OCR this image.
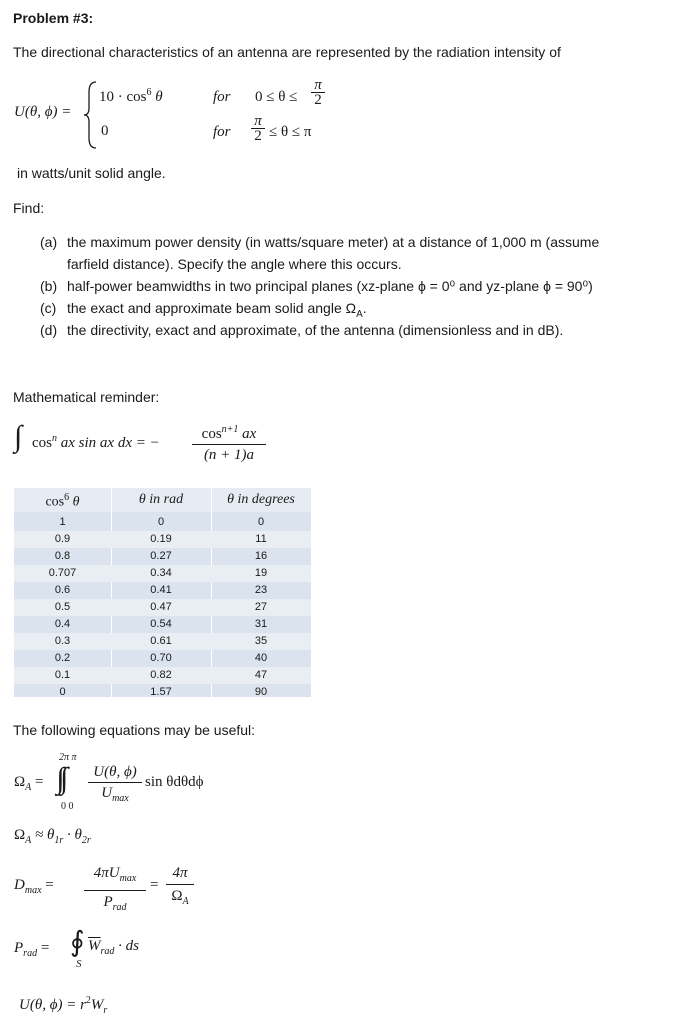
Problem #3:
The directional characteristics of an antenna are represented by the radiation intensity of
U(θ, ϕ) =
$10 \cdot \cos^6 \theta$
0
for $0 \le \theta \le \frac{\pi}{2}$
for $\frac{\pi}{2} \le \theta \le \pi$
in watts/unit solid angle.
Find:
(a) the maximum power density (in watts/square meter) at a distance of 1,000 m (assume
farfield distance). Specify the angle where this occurs.
(b) half-power beamwidths in two principal planes (xz-plane ϕ = 0⁰ and yz-plane ϕ = 90⁰)
(c) the exact and approximate beam solid angle $\Omega_A$.
(d) the directivity, exact and approximate, of the antenna (dimensionless and in dB).
Mathematical reminder:
∫ $\cos^n$ ax sin ax dx = − $\frac{\cos^{n+1} ax}{(n + 1)a}$
$\cos^6 \theta$	θ in rad	θ in degrees
1	0	0
0.9	0.19	11
0.8	0.27	16
0.707	0.34	19
0.6	0.41	23
0.5	0.47	27
0.4	0.54	31
0.3	0.61	35
0.2	0.70	40
0.1	0.82	47
0	1.57	90
The following equations may be useful:
$\Omega_A$ =
2π π
0 0
U(θ, ϕ)
$U_{max}$
sin θdθdϕ
$\Omega_A \approx \theta_{1r} \cdot \theta_{2r}$
$D_{max}$ =
$4\pi U_{max}$
$P_{rad}$
= $\frac{4\pi}{\Omega_A}$
$P_{rad}$ = ∮
S
$\overline{W}_{rad}$ · ds
U(θ, $\phi) = r^2W_r$
